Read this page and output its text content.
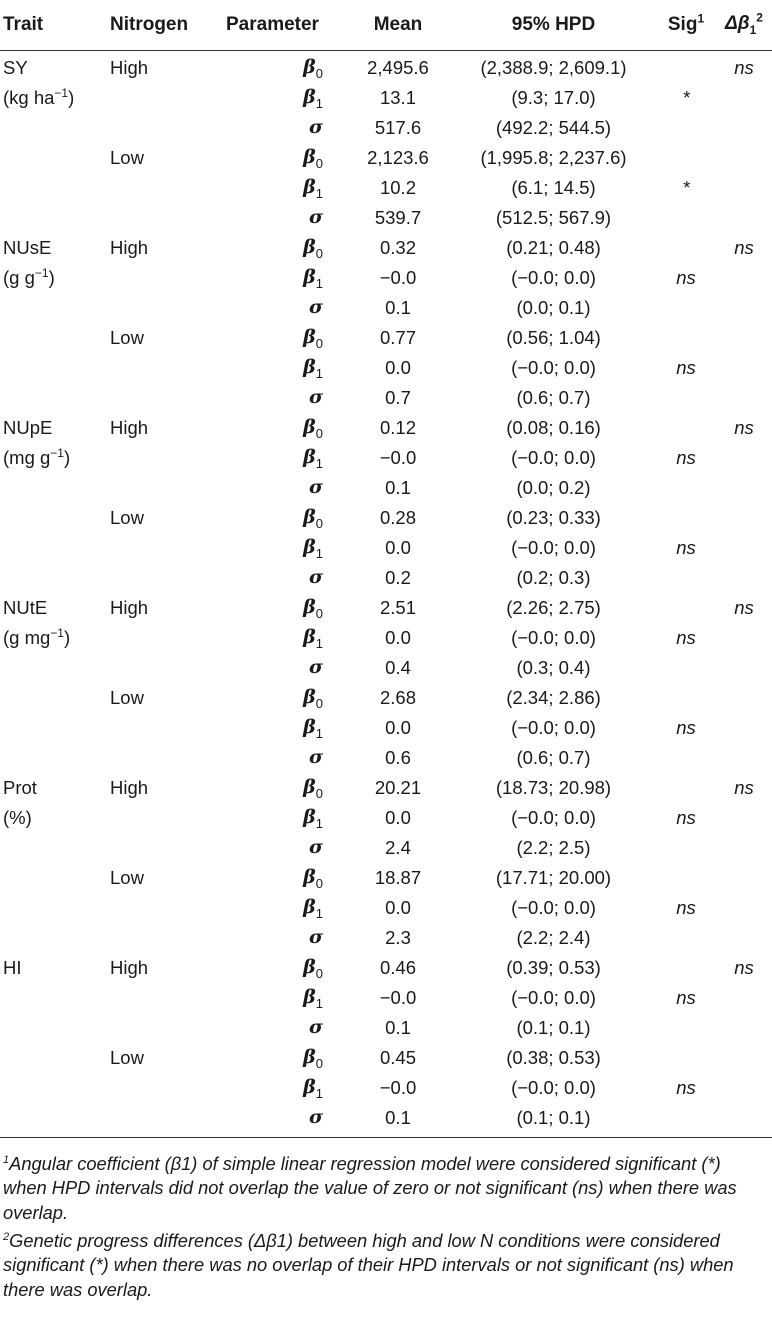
Trait	Nitrogen	Parameter	Mean	95% HPD	Sig$^1$	$\Delta\beta_1^2$
SY	High	$\beta_0$	2,495.6	(2,388.9; 2,609.1)		ns
(kg $ha^{-1}$)		$\beta_1$	13.1	(9.3; 17.0)	*	
		σ	517.6	(492.2; 544.5)		
	Low	$\beta_0$	2,123.6	(1,995.8; 2,237.6)		
		$\beta_1$	10.2	(6.1; 14.5)	*	
		σ	539.7	(512.5; 567.9)		
NUsE	High	$\beta_0$	0.32	(0.21; 0.48)		ns
(g $g^{-1}$)		$\beta_1$	−0.0	(−0.0; 0.0)	ns	
		σ	0.1	(0.0; 0.1)		
	Low	$\beta_0$	0.77	(0.56; 1.04)		
		$\beta_1$	0.0	(−0.0; 0.0)	ns	
		σ	0.7	(0.6; 0.7)		
NUpE	High	$\beta_0$	0.12	(0.08; 0.16)		ns
(mg $g^{-1}$)		$\beta_1$	−0.0	(−0.0; 0.0)	ns	
		σ	0.1	(0.0; 0.2)		
	Low	$\beta_0$	0.28	(0.23; 0.33)		
		$\beta_1$	0.0	(−0.0; 0.0)	ns	
		σ	0.2	(0.2; 0.3)		
NUtE	High	$\beta_0$	2.51	(2.26; 2.75)		ns
(g $mg^{-1}$)		$\beta_1$	0.0	(−0.0; 0.0)	ns	
		σ	0.4	(0.3; 0.4)		
	Low	$\beta_0$	2.68	(2.34; 2.86)		
		$\beta_1$	0.0	(−0.0; 0.0)	ns	
		σ	0.6	(0.6; 0.7)		
Prot	High	$\beta_0$	20.21	(18.73; 20.98)		ns
(%)		$\beta_1$	0.0	(−0.0; 0.0)	ns	
		σ	2.4	(2.2; 2.5)		
	Low	$\beta_0$	18.87	(17.71; 20.00)		
		$\beta_1$	0.0	(−0.0; 0.0)	ns	
		σ	2.3	(2.2; 2.4)		
HI	High	$\beta_0$	0.46	(0.39; 0.53)		ns
		$\beta_1$	−0.0	(−0.0; 0.0)	ns	
		σ	0.1	(0.1; 0.1)		
	Low	$\beta_0$	0.45	(0.38; 0.53)		
		$\beta_1$	−0.0	(−0.0; 0.0)	ns	
		σ	0.1	(0.1; 0.1)		

$^1$Angular coefficient (β1) of simple linear regression model were considered significant (*) when HPD intervals did not overlap the value of zero or not significant (ns) when there was overlap.

$^2$Genetic progress differences (Δβ1) between high and low N conditions were considered significant (*) when there was no overlap of their HPD intervals or not significant (ns) when there was overlap.
